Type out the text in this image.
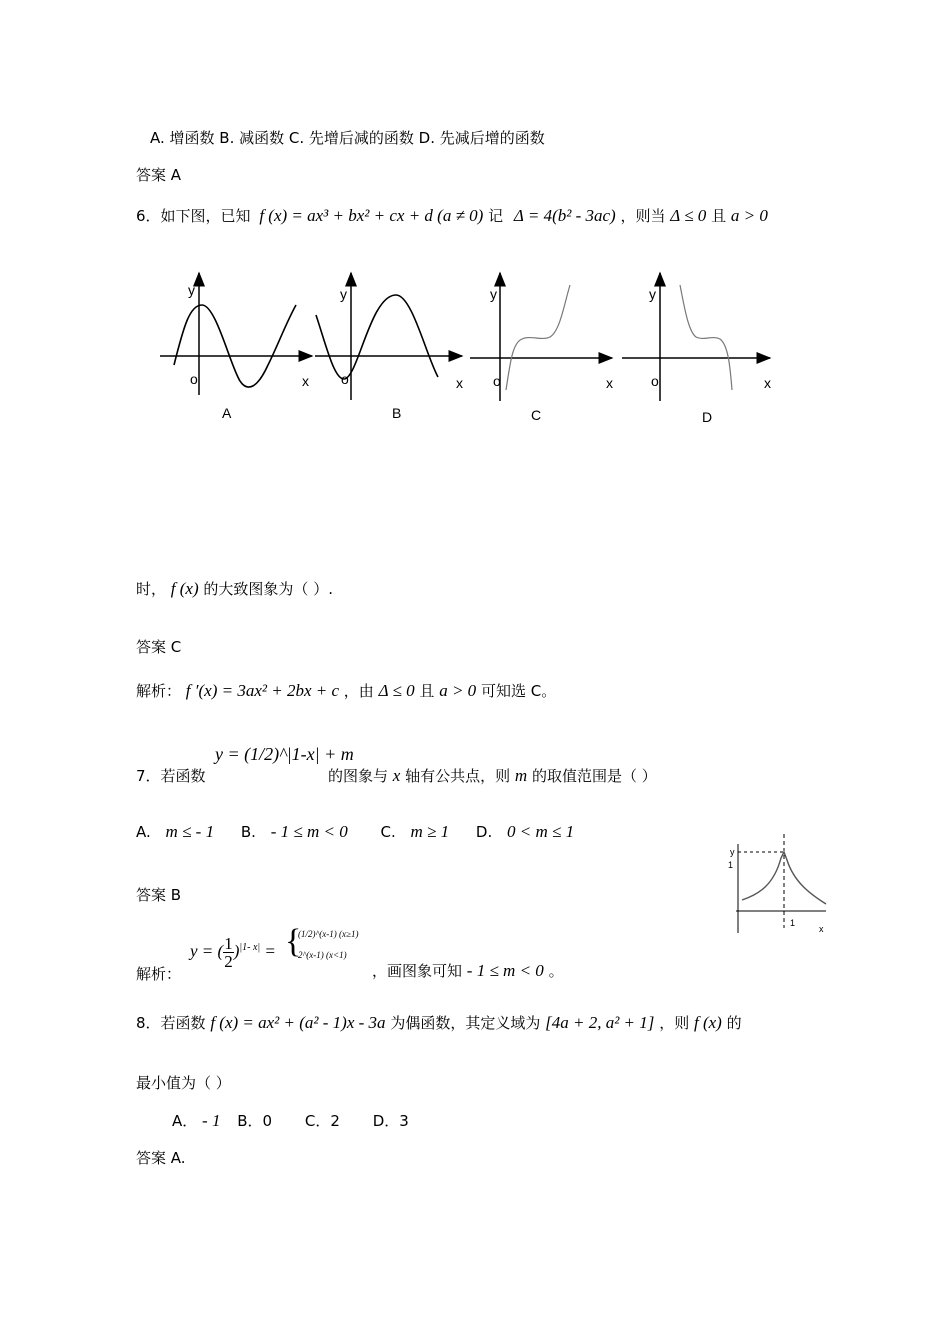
A. 增函数 B. 减函数 C. 先增后减的函数 D. 先减后增的函数
答案 A
6．如下图，已知 f (x) = ax³ + bx² + cx + d (a ≠ 0) 记 Δ = 4(b² - 3ac) ，则当 Δ ≤ 0 且 a > 0
y
o	x
A
y
o	x
B
y
o	x
C
y
o	x
D
时， f (x) 的大致图象为（ ）.
答案 C
解析： f ′(x) = 3ax² + 2bx + c ，由 Δ ≤ 0 且 a > 0 可知选 C。
7．若函数
y = (1/2)^|1-x| + m
的图象与 x 轴有公共点，则 m 的取值范围是（ ）
A. m ≤ - 1 B. - 1 ≤ m < 0 C. m ≥ 1 D. 0 < m ≤ 1
y
1
1
x
答案 B
解析：
y = ( $\frac{1}{2} )^{|1- x|}$ = {
(1/2)^(x-1) (x≥1)
2^(x-1) (x<1)
，画图象可知 - 1 ≤ m < 0 。
8．若函数 f (x) = ax² + (a² - 1)x - 3a 为偶函数，其定义域为 [4a + 2, a² + 1] ，则 f (x) 的
最小值为（ ）
A． - 1 B．0 C．2 D．3
答案 A.
